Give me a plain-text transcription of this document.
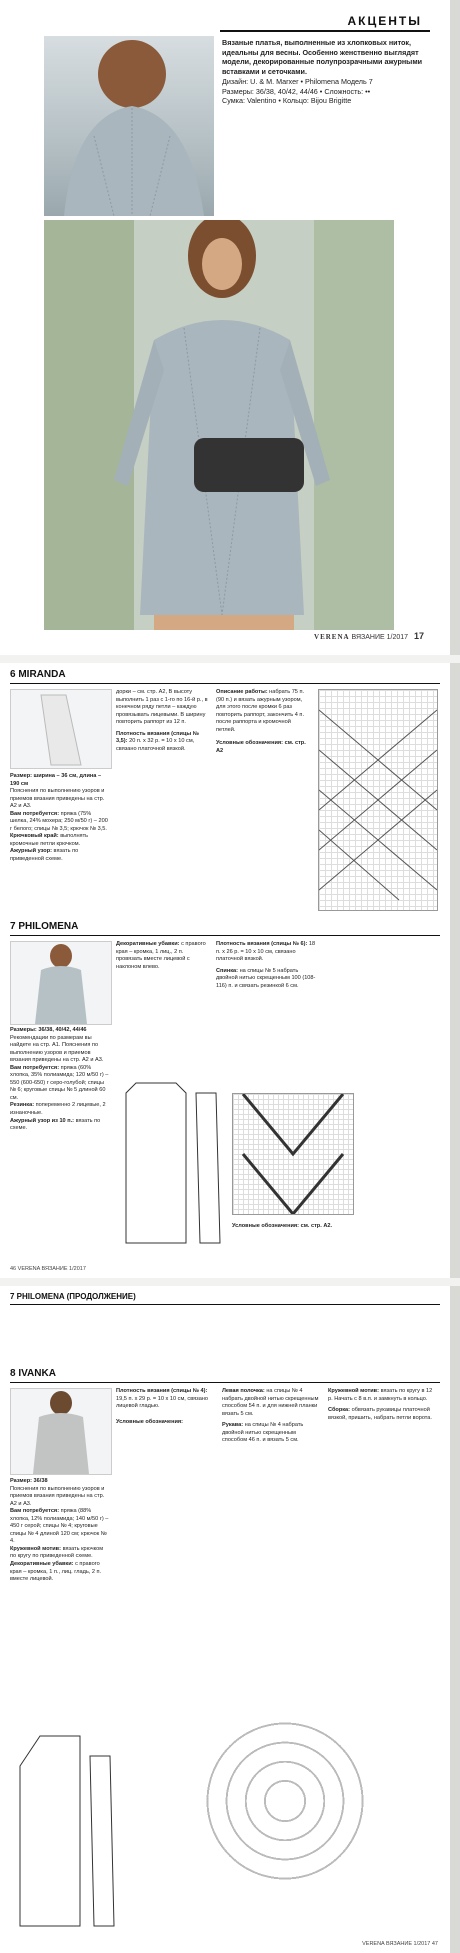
АКЦЕНТЫ
Вязаные платья, выполненные из хлопковых ниток, идеальны для весны. Особенно женственно выглядят модели, декорированные полупрозрачными ажурными вставками и сеточками.
Дизайн: U. & M. Marxer • Philomena Модель 7
Размеры: 36/38, 40/42, 44/46 • Сложность: ••
Сумка: Valentino • Кольцо: Bijou Brigitte
VERENA ВЯЗАНИЕ 1/2017 17
6 MIRANDA
Размер: ширина – 36 см, длина – 190 см
Пояснения по выполнению узоров и приемов вязания приведены на стр. А2 и А3.
Вам потребуется: пряжа (75% шелка, 24% мохера; 250 м/50 г) – 200 г белого; спицы № 3,5; крючок № 3,5.
Крючковый край: выполнять кромочные петли крючком.
Ажурный узор: вязать по приведенной схеме.
дорки – см. стр. А2, В высоту выполнить 1 раз с 1-го по 16-й р., в конечном ряду петли – каждую провязывать лицевыми. В ширину повторить раппорт из 12 п.
Плотность вязания (спицы № 3,5): 20 п. х 32 р. = 10 х 10 см, связано платочной вязкой.
Описание работы: набрать 75 п. (90 п.) и вязать ажурным узором, для этого после кромки 6 раз повторить раппорт, закончить 4 п. после раппорта и кромочной петлей.
Условные обозначения: см. стр. А2
7 PHILOMENA
Размеры: 36/38, 40/42, 44/46
Рекомендации по размерам вы найдете на стр. А1. Пояснения по выполнению узоров и приемов вязания приведены на стр. А2 и А3.
Вам потребуется: пряжа (60% хлопка, 35% полиамида; 120 м/50 г) – 550 (600-650) г серо-голубой; спицы № 6; круговые спицы № 5 длиной 60 см.
Резинка: попеременно 2 лицевые, 2 изнаночные.
Ажурный узор из 10 п.: вязать по схеме.
Декоративные убавки: с правого края – кромка, 1 лиц., 2 п. провязать вместе лицевой с наклоном влево.
Плотность вязания (спицы № 6): 18 п. х 26 р. = 10 х 10 см, связано платочной вязкой.
Спинка: на спицы № 5 набрать двойной нитью скрещенным 100 (108-116) п. и связать резинкой 6 см.
Условные обозначения: см. стр. А2.
46 VERENA ВЯЗАНИЕ 1/2017
7 PHILOMENA (ПРОДОЛЖЕНИЕ)
8 IVANKA
Размер: 36/38
Пояснения по выполнению узоров и приемов вязания приведены на стр. А2 и А3.
Вам потребуется: пряжа (88% хлопка, 12% полиамида; 140 м/50 г) – 450 г серой; спицы № 4; круговые спицы № 4 длиной 120 см; крючок № 4.
Кружевной мотив: вязать крючком по кругу по приведенной схеме.
Декоративные убавки: с правого края – кромка, 1 п., лиц. гладь, 2 п. вместе лицевой.
Плотность вязания (спицы № 4): 19,5 п. х 29 р. = 10 х 10 см, связано лицевой гладью.
Условные обозначения:
Левая полочка: на спицы № 4 набрать двойной нитью скрещенным способом 54 п. и для нижней планки вязать 5 см.
Рукава: на спицы № 4 набрать двойной нитью скрещенным способом 46 п. и вязать 5 см.
Кружевной мотив: вязать по кругу в 12 р. Начать с 8 в.п. и замкнуть в кольцо.
Сборка: обвязать рукавицы платочной вязкой, пришить, набрать петли ворота.
VERENA ВЯЗАНИЕ 1/2017 47
